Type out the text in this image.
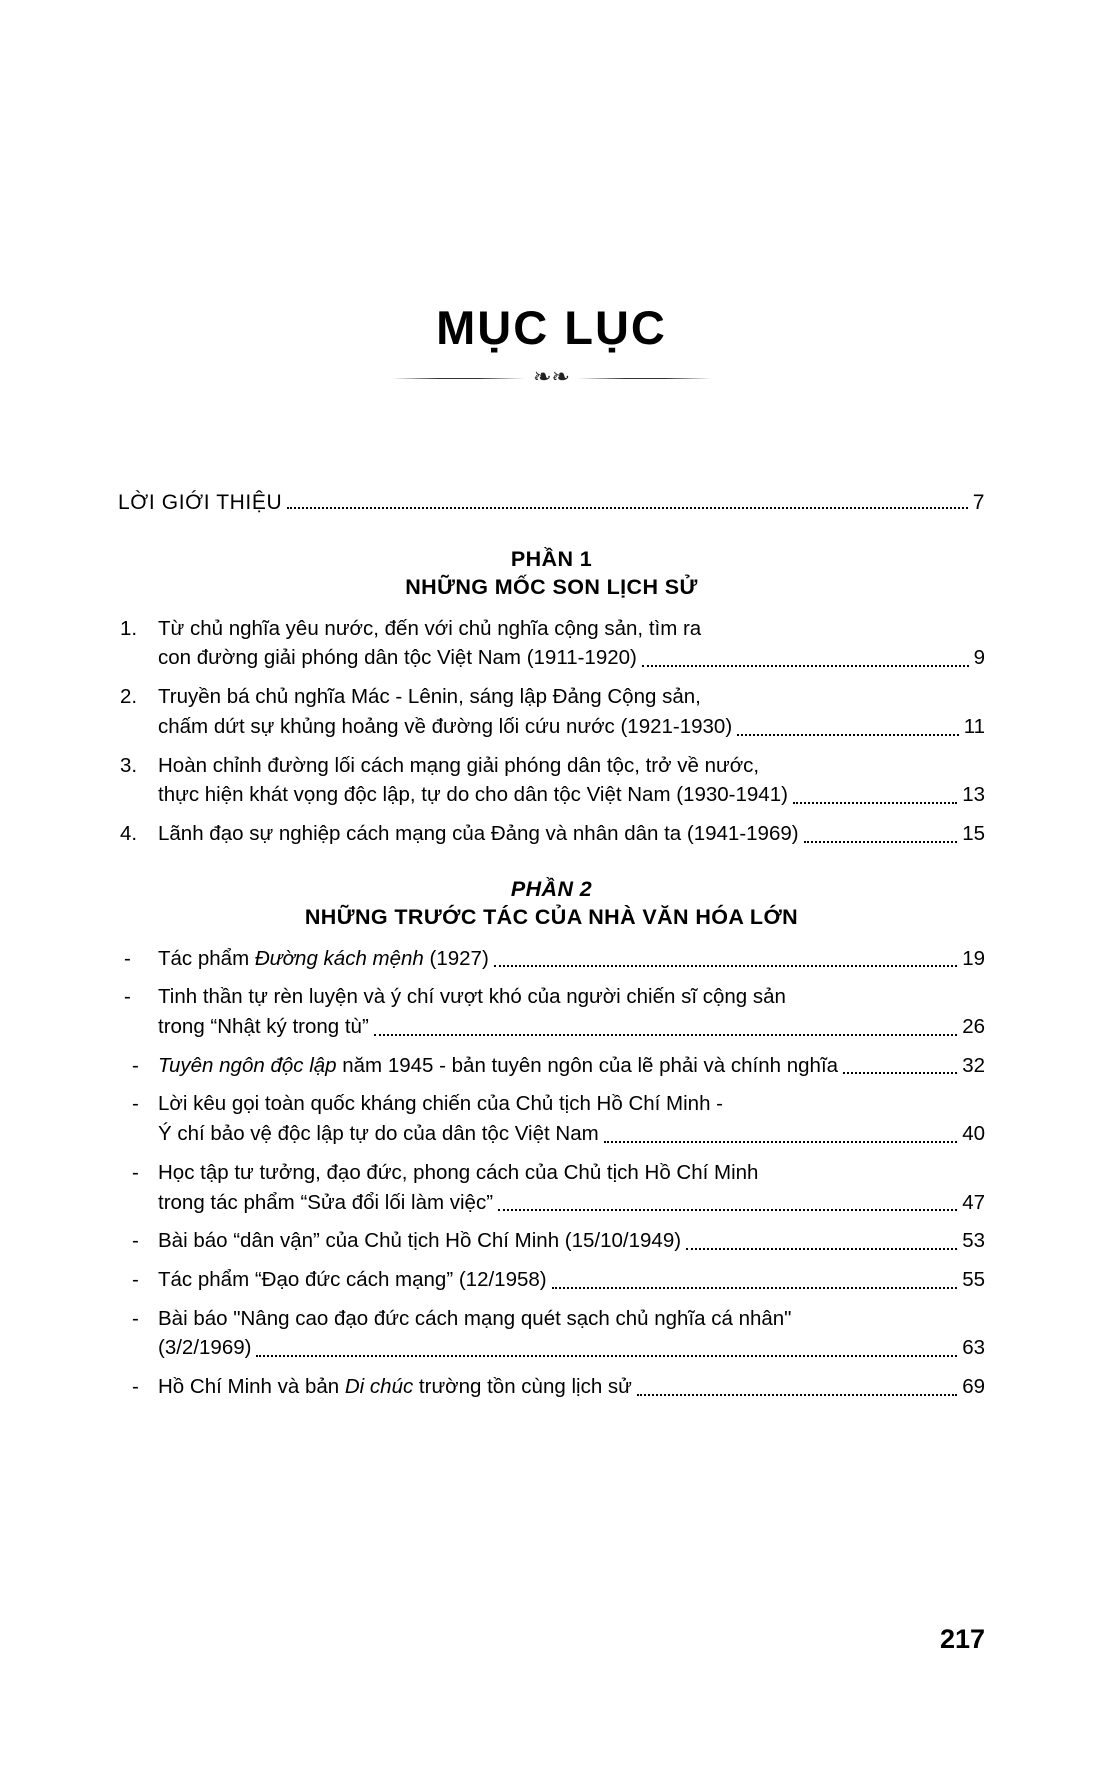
MỤC LỤC
❧❧
LỜI GIỚI THIỆU	7
PHẦN 1
NHỮNG MỐC SON LỊCH SỬ
1.	Từ chủ nghĩa yêu nước, đến với chủ nghĩa cộng sản, tìm ra
con đường giải phóng dân tộc Việt Nam (1911-1920)	9
2.	Truyền bá chủ nghĩa Mác - Lênin, sáng lập Đảng Cộng sản,
chấm dứt sự khủng hoảng về đường lối cứu nước (1921-1930)	11
3.	Hoàn chỉnh đường lối cách mạng giải phóng dân tộc, trở về nước,
thực hiện khát vọng độc lập, tự do cho dân tộc Việt Nam (1930-1941)	13
4.	Lãnh đạo sự nghiệp cách mạng của Đảng và nhân dân ta (1941-1969)	15
PHẦN 2
NHỮNG TRƯỚC TÁC CỦA NHÀ VĂN HÓA LỚN
-	Tác phẩm Đường kách mệnh (1927)	19
-	Tinh thần tự rèn luyện và ý chí vượt khó của người chiến sĩ cộng sản
trong “Nhật ký trong tù”	26
- Tuyên ngôn độc lập năm 1945 - bản tuyên ngôn của lẽ phải và chính nghĩa	32
- Lời kêu gọi toàn quốc kháng chiến của Chủ tịch Hồ Chí Minh -
Ý chí bảo vệ độc lập tự do của dân tộc Việt Nam	40
- Học tập tư tưởng, đạo đức, phong cách của Chủ tịch Hồ Chí Minh
trong tác phẩm “Sửa đổi lối làm việc”	47
- Bài báo “dân vận” của Chủ tịch Hồ Chí Minh (15/10/1949)	53
- Tác phẩm “Đạo đức cách mạng” (12/1958)	55
- Bài báo "Nâng cao đạo đức cách mạng quét sạch chủ nghĩa cá nhân"
(3/2/1969)	63
- Hồ Chí Minh và bản Di chúc trường tồn cùng lịch sử	69
217
